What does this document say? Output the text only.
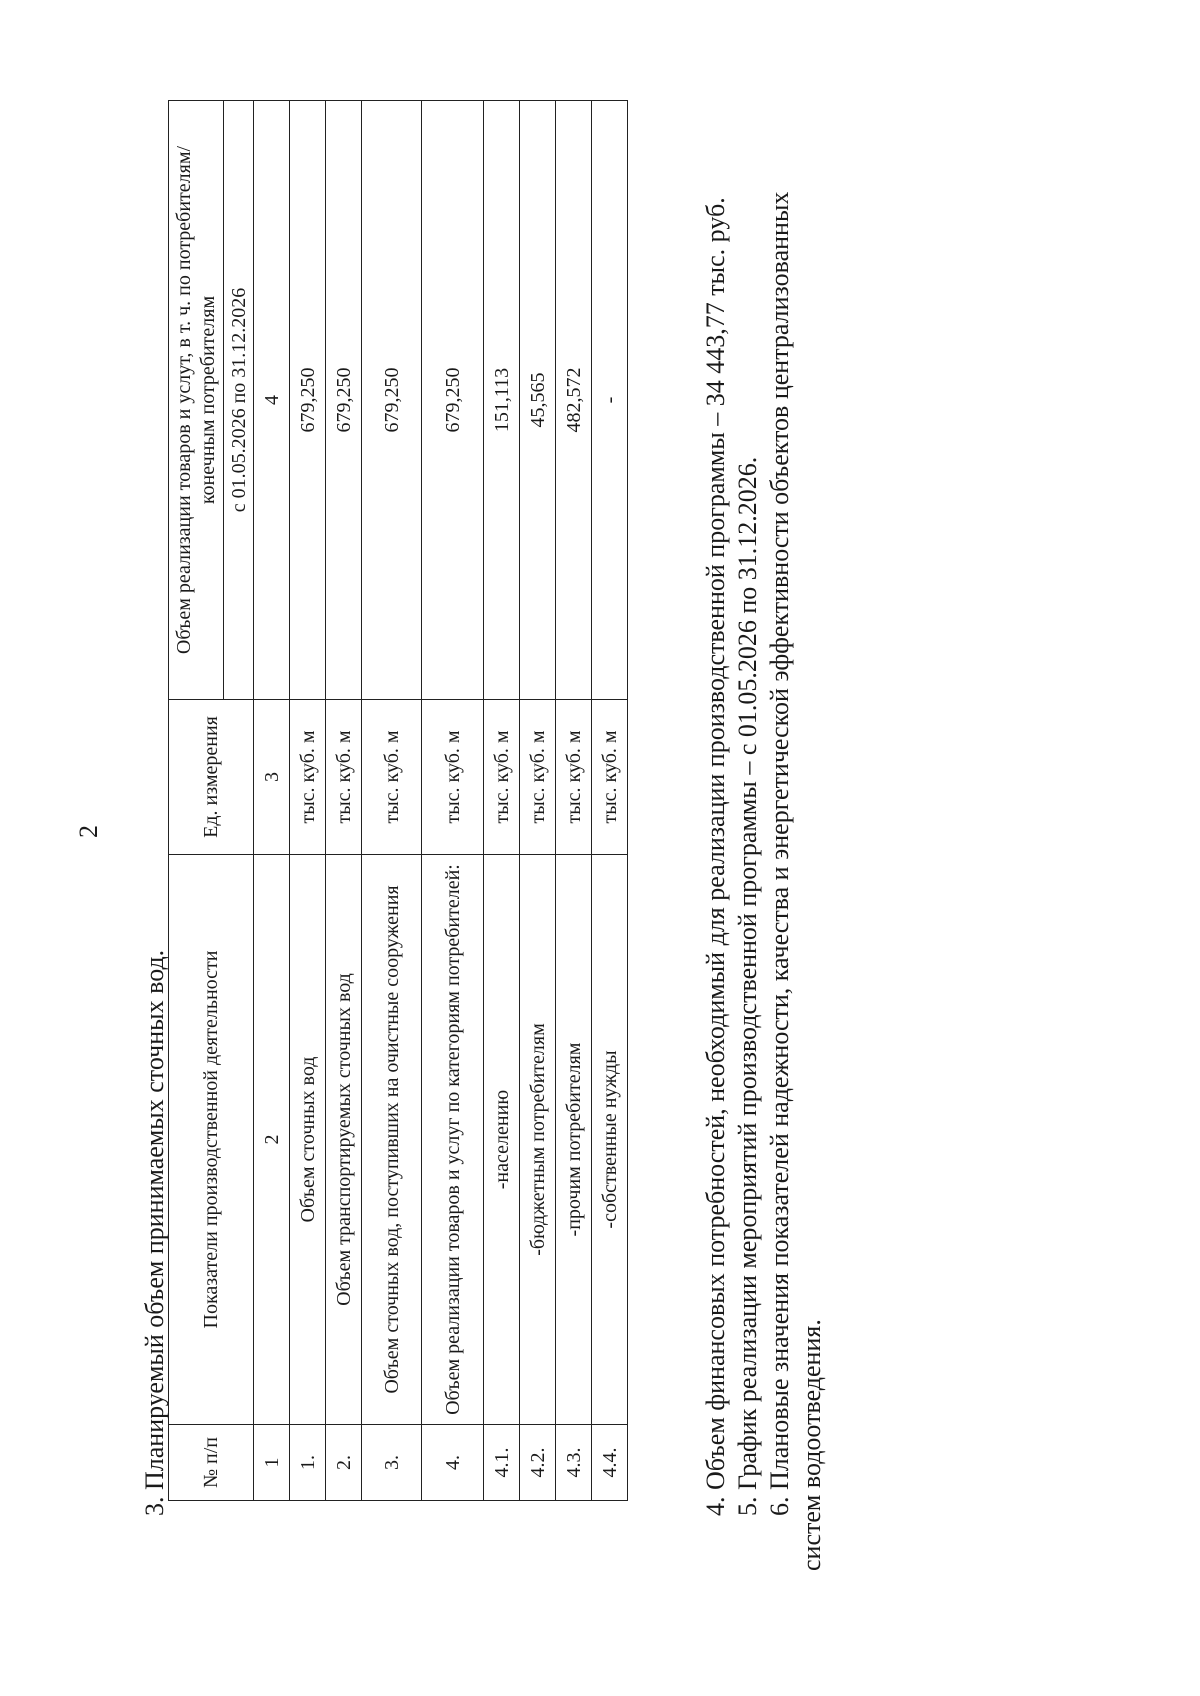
2
3. Планируемый объем принимаемых сточных вод. № п/п	Показатели производственной деятельности	Ед. измерения	Объем реализации товаров и услут, в т. ч. по потребителям/ конечным потребителям
			с 01.05.2026 по 31.12.2026
1	2	3	4
1.	Объем сточных вод	тыс. куб. м	679,250
2.	Объем транспортируемых сточных вод	тыс. куб. м	679,250
3.	Объем сточных вод, поступивших на очистные сооружения	тыс. куб. м	679,250
4.	Объем реализации товаров и услуг по категориям потребителей:	тыс. куб. м	679,250
4.1.	-населению	тыс. куб. м	151,113
4.2.	-бюджетным потребителям	тыс. куб. м	45,565
4.3.	-прочим потребителям	тыс. куб. м	482,572
4.4.	-собственные нужды	тыс. куб. м	-	4. Объем финансовых потребностей, необходимый для реализации производственной программы – 34 443,77 тыс. руб. 5. График реализации мероприятий производственной программы – с 01.05.2026 по 31.12.2026. 6. Плановые значения показателей надежности, качества и энергетической эффективности объектов централизованных систем водоотведения.
